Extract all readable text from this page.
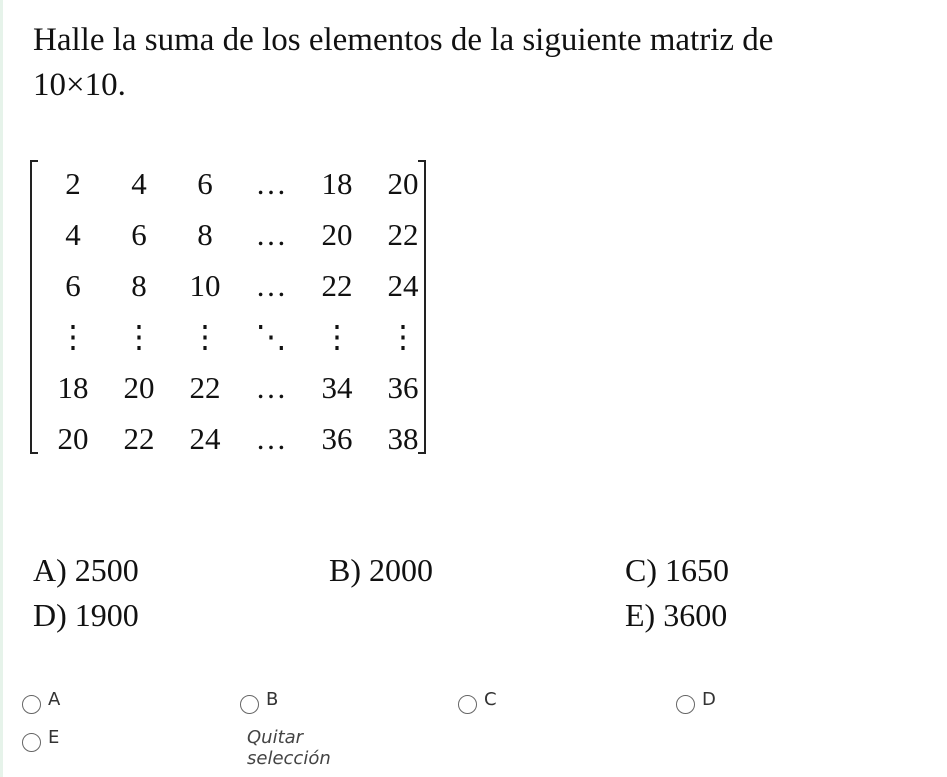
Halle la suma de los elementos de la siguiente matriz de
10×10.
2	4	6	…	18	20
4	6	8	…	20	22
6	8	10	…	22	24
⋮	⋮	⋮	⋱	⋮	⋮
18	20	22	…	34	36
20	22	24	…	36	38
A) 2500	B) 2000	C) 1650
D) 1900	E) 3600
A	B	C	D
E	Quitar selección
